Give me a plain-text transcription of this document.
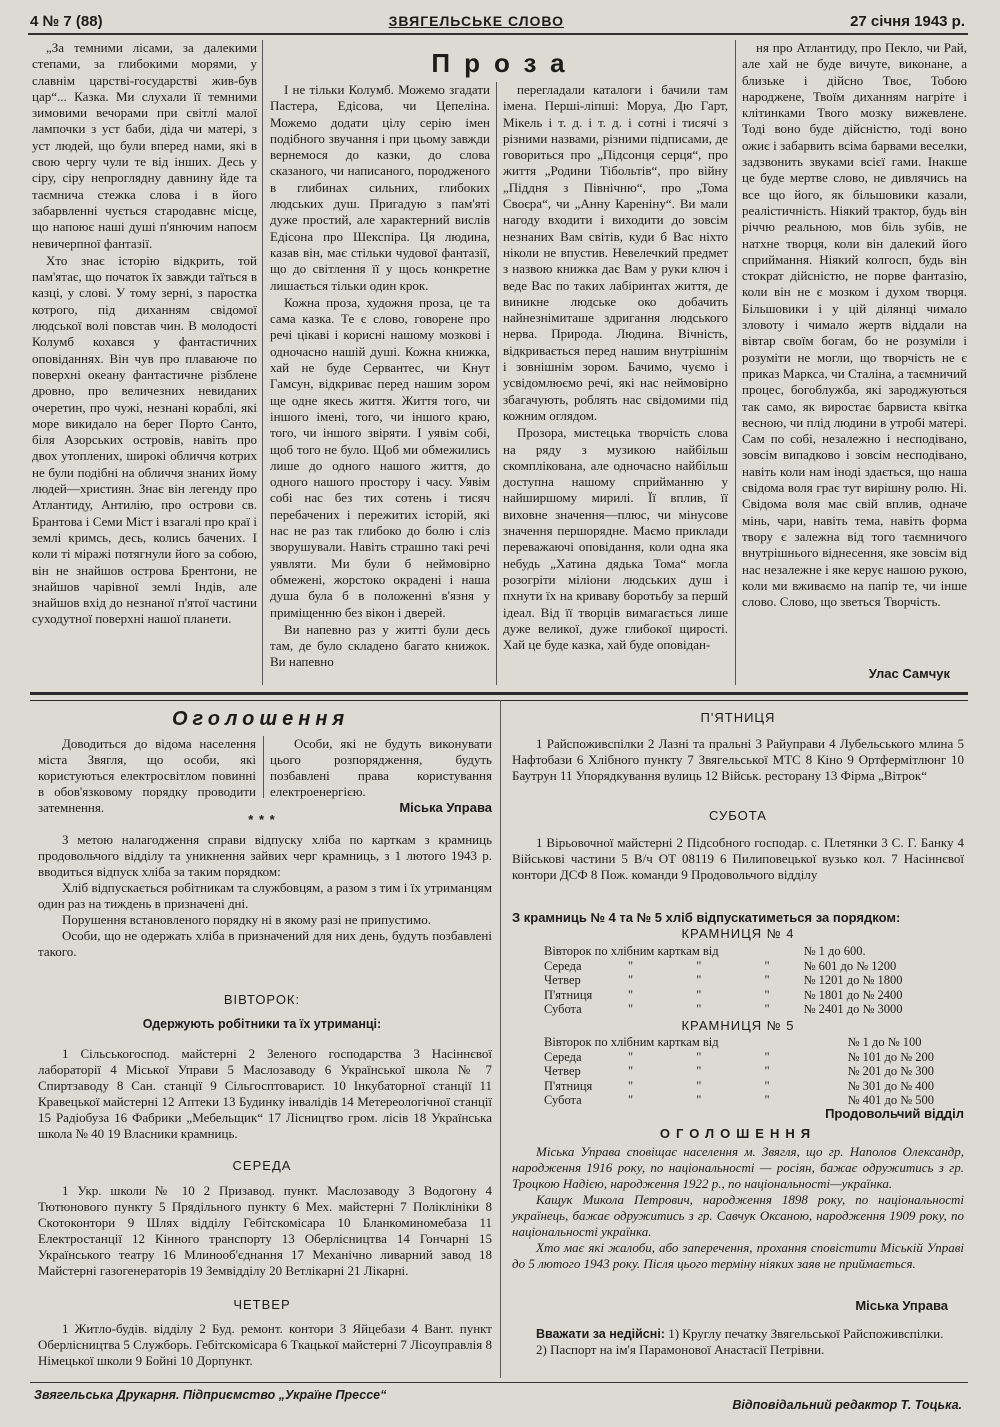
4 № 7 (88)	ЗВЯГЕЛЬСЬКЕ СЛОВО	27 січня 1943 р.
Проза

„За темними лісами, за далекими степами, за глибокими морями, у славнім царстві-государстві жив-був цар“... Казка. Ми слухали її темними зимовими вечорами при світлі малої лампочки з уст баби, діда чи матері, з уст людей, що були вперед нами, які в свою чергу чули те від інших. Десь у сіру, сіру непроглядну давнину йде та таємнича стежка слова і в його забарвленні чується стародавнє місце, що напоює наші душі п'янючим напоєм невичерпної фантазії.

Хто знає історію відкрить, той пам'ятає, що початок їх завжди таїться в казці, у слові. У тому зерні, з паростка котрого, під диханням свідомої людської волі повстав чин. В молодості Колумб кохався у фантастичних оповіданнях. Він чув про плаваюче по поверхні океану фантастичне різблене дровно, про величезних невиданих очеретин, про чужі, незнані кораблі, які море викидало на берег Порто Санто, біля Азорських островів, навіть про двох утоплених, широкі обличчя котрих не були подібні на обличчя знаних йому людей—християн. Знає він легенду про Атлантиду, Антилію, про острови св. Брантова і Семи Міст і взагалі про краї і землі кримсь, десь, колись бачених. І коли ті міражі потягнули його за собою, він не знайшов острова Брентони, не знайшов чарівної землі Індів, але знайшов вхід до незнаної п'ятої частини суходутної поверхні нашої планети.

І не тільки Колумб. Можемо згадати Пастера, Едісова, чи Цепеліна. Можемо додати цілу серію імен подібного звучання і при цьому завжди вернемося до казки, до слова сказаного, чи написаного, породженого в глибинах сильних, глибоких людських душ. Пригадую з пам'яті дуже простий, але характерний вислів Едісона про Шекспіра. Ця людина, казав він, має стільки чудової фантазії, що до світлення її у щось конкретне лишається тільки один крок.

Кожна проза, художня проза, це та сама казка. Те є слово, говорене про речі цікаві і корисні нашому мозкові і одночасно нашій душі. Кожна книжка, хай не буде Сервантес, чи Кнут Гамсун, відкриває перед нашим зором ще одне якесь життя. Життя того, чи іншого імені, того, чи іншого краю, того, чи іншого звіряти. І уявім собі, щоб того не було. Щоб ми обмежились лише до одного нашого життя, до одного нашого простору і часу. Уявім собі нас без тих сотень і тисяч перебачених і пережитих історій, які нас не раз так глибоко до болю і сліз зворушували. Навіть страшно такі речі уявляти. Ми були б неймовірно обмежені, жорстоко окрадені і наша душа була б в положенні в'язня у приміщенню без вікон і дверей.

Ви напевно раз у житті були десь там, де було складено багато книжок. Ви напевно

перегладали каталоги і бачили там імена. Перші-ліпші: Моруа, Дю Гарт, Мікель і т. д. і т. д. і сотні і тисячі з різними назвами, різними підписами, де говориться про „Підсонця серця“, про життя „Родини Тібольтів“, про війну „Піддня з Північню“, про „Тома Своєра“, чи „Анну Кареніну“. Ви мали нагоду входити і виходити до зовсім незнаних Вам світів, куди б Вас ніхто ніколи не впустив. Невелечкий предмет з назвою книжка дає Вам у руки ключ і веде Вас по таких лабіринтах життя, де виникне людське око добачить найнезнімиташе здригання людського нерва. Природа. Людина. Вічність, відкривається перед нашим внутрішнім і зовнішнім зором. Бачимо, чуємо і усвідомлюємо речі, які нас неймовірно збагачують, роблять нас свідомими під кожним оглядом.

Прозора, мистецька творчість слова на ряду з музикою найбільш скомплікована, але одночасно найбільш доступна нашому сприйманню у найширшому мирилі. Її вплив, її виховне значення—плюс, чи мінусове значення першорядне. Маємо приклади переважаючі оповідання, коли одна яка небудь „Хатина дядька Тома“ могла розогріти міліони людських душ і пхнути їх на криваву боротьбу за першй ідеал. Від її творців вимагається лише дуже великої, дуже глибокої щирості. Хай це буде казка, хай буде оповідан-

ня про Атлантиду, про Пекло, чи Рай, але хай не буде вичуте, виконане, а близьке і дійсно Твоє, Тобою народжене, Твоїм диханням нагріте і клітинками Твого мозку вижевлене. Тоді воно буде дійсністю, тоді воно ожиє і забарвить всіма барвами веселки, задзвонить звуками всієї гами. Інакше це буде мертве слово, не дивлячись на все що його, як більшовики казали, реалістичність. Ніякий трактор, будь він річчю реальною, мов біль зубів, не натхне творця, коли він далекий його сприймання. Ніякий колгосп, будь він стократ дійсністю, не порве фантазію, коли він не є мозком і духом творця. Більшовики і у цій ділянці чимало зловоту і чимало жертв віддали на вівтар своїм богам, бо не розуміли і розуміти не могли, що творчість не є приказ Маркса, чи Сталіна, а таємничий процес, богоблужба, які зароджуються так само, як виростає барвиста квітка весною, чи плід людини в утробі матері. Сам по собі, незалежно і несподівано, зовсім випадково і зовсім несподівано, навіть коли нам іноді здається, що наша свідома воля грає тут вирішну ролю. Ні. Свідома воля має свій вплив, одначе мінь, чари, навіть тема, навіть форма твору є залежна від того таємничого внутрішнього віднесення, яке зовсім від нас незалежне і яке керує нашою рукою, коли ми вживаємо на папір те, чи інше слово. Слово, що зветься Творчість.

Улас Самчук
Оголошення

Доводиться до відома населення міста Звягля, що особи, які користуються електросвітлом повинні в обов'язковому порядку проводити затемнення.

Особи, які не будуть виконувати цього розпорядження, будуть позбавлені права користування електроенергією.

Міська Управа
* * *

З метою налагодження справи відпуску хліба по карткам з крамниць продовольчого відділу та уникнення зайвих черг крамниць, з 1 лютого 1943 р. вводиться відпуск хліба за таким порядком:

Хліб відпускається робітникам та службовцям, а разом з тим і їх утриманцям один раз на тиждень в призначені дні.

Порушення встановленого порядку ні в якому разі не припустимо.

Особи, що не одержать хліба в призначений для них день, будуть позбавлені такого.

ВІВТОРОК:
Одержують робітники та їх утриманці:

1 Сільськогоспод. майстерні 2 Зеленого господарства 3 Насіннєвої лабораторії 4 Міської Управи 5 Маслозаводу 6 Української школа № 7 Спиртзаводу 8 Сан. станції 9 Сільгосптоварист. 10 Інкубаторної станції 11 Кравецької майстерні 12 Аптеки 13 Будинку інвалідів 14 Метереологічної станції 15 Радіобуза 16 Фабрики „Мебельщик“ 17 Лісництво гром. лісів 18 Українська школа № 40 19 Власники крамниць.

СЕРЕДА

1 Укр. школи № 10 2 Призавод. пункт. Маслозаводу 3 Водогону 4 Тютюнового пункту 5 Прядільного пункту 6 Мех. майстерні 7 Поліклініки 8 Скотоконтори 9 Шлях відділу Гебітскомісара 10 Бланкоминомебаза 11 Електростанції 12 Кінного транспорту 13 Оберлісництва 14 Гончарні 15 Українського театру 16 Млинооб'єднання 17 Механічно ливарний завод 18 Майстерні газогенераторів 19 Земвідділу 20 Ветлікарні 21 Лікарні.

ЧЕТВЕР

1 Житло-будів. відділу 2 Буд. ремонт. контори 3 Яйцебази 4 Вант. пункт Оберлісництва 5 Служборь. Гебітскомісара 6 Ткацької майстерні 7 Лісоуправлія 8 Німецької школи 9 Бойні 10 Дорпункт.

П'ЯТНИЦЯ

1 Райспоживспілки 2 Лазні та пральні 3 Райуправи 4 Лубельського млина 5 Нафтобази 6 Хлібного пункту 7 Звягельської МТС 8 Кіно 9 Ортфермітлюнг 10 Баутрун 11 Упорядкування вулиць 12 Військ. ресторану 13 Фірма „Вітрок“

СУБОТА

1 Вірьовочної майстерні 2 Підсобного господар. с. Плетянки 3 С. Г. Банку 4 Військові частини 5 В/ч ОТ 08119 6 Пилиповецької вузько кол. 7 Насіннєвої контори ДСФ 8 Пож. команди 9 Продовольчого відділу

З крамниць № 4 та № 5 хліб відпускатиметься за порядком:
КРАМНИЦЯ № 4
Вівторок по хлібним карткам від		№ 1 до 600.
Середа	" " "	№ 601 до № 1200
Четвер	" " "	№ 1201 до № 1800
П'ятниця	" " "	№ 1801 до № 2400
Субота	" " "	№ 2401 до № 3000
КРАМНИЦЯ № 5
Вівторок по хлібним карткам від		№ 1 до № 100
Середа	" " "	№ 101 до № 200
Четвер	" " "	№ 201 до № 300
П'ятниця	" " "	№ 301 до № 400
Субота	" " "	№ 401 до № 500
Продовольчий відділ
ОГОЛОШЕННЯ

Міська Управа сповіщає населення м. Звягля, що гр. Наполов Олександр, народження 1916 року, по національності — росіян, бажає одружитись з гр. Троцкою Надією, народження 1922 р., по національності—українка.

Кащук Микола Петрович, народження 1898 року, по національності українець, бажає одружитись з гр. Савчук Оксаною, народження 1909 року, по національності українка.

Хто має які жалоби, або заперечення, прохання сповістити Міській Управі до 5 лютого 1943 року. Після цього терміну ніяких заяв не приймається.

Міська Управа
Вважати за недійсні: 1) Круглу печатку Звягельської Райспоживспілки.
2) Паспорт на ім'я Парамонової Анастасії Петрівни.
Звягельська Друкарня. Підприємство „Україне Прессе“
Відповідальний редактор Т. Тоцька.
